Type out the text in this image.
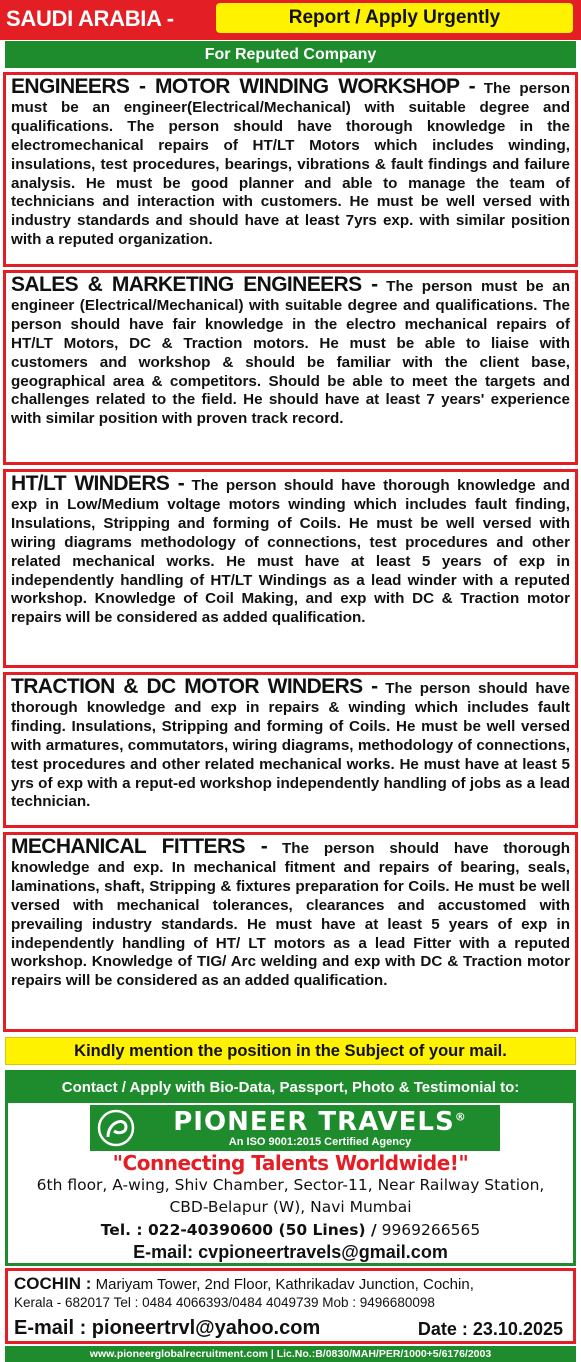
SAUDI ARABIA -	Report / Apply Urgently
For Reputed Company
ENGINEERS - MOTOR WINDING WORKSHOP - The person must be an engineer(Electrical/Mechanical) with suitable degree and qualifications. The person should have thorough knowledge in the electromechanical repairs of HT/LT Motors which includes winding, insulations, test procedures, bearings, vibrations & fault findings and failure analysis. He must be good planner and able to manage the team of technicians and interaction with customers. He must be well versed with industry standards and should have at least 7yrs exp. with similar position with a reputed organization.
SALES & MARKETING ENGINEERS - The person must be an engineer (Electrical/Mechanical) with suitable degree and qualifications. The person should have fair knowledge in the electro mechanical repairs of HT/LT Motors, DC & Traction motors. He must be able to liaise with customers and workshop & should be familiar with the client base, geographical area & competitors. Should be able to meet the targets and challenges related to the field. He should have at least 7 years' experience with similar position with proven track record.
HT/LT WINDERS - The person should have thorough knowledge and exp in Low/Medium voltage motors winding which includes fault finding, Insulations, Stripping and forming of Coils. He must be well versed with wiring diagrams methodology of connections, test procedures and other related mechanical works. He must have at least 5 years of exp in independently handling of HT/LT Windings as a lead winder with a reputed workshop. Knowledge of Coil Making, and exp with DC & Traction motor repairs will be considered as added qualification.
TRACTION & DC MOTOR WINDERS - The person should have thorough knowledge and exp in repairs & winding which includes fault finding. Insulations, Stripping and forming of Coils. He must be well versed with armatures, commutators, wiring diagrams, methodology of connections, test procedures and other related mechanical works. He must have at least 5 yrs of exp with a reput-ed workshop independently handling of jobs as a lead technician.
MECHANICAL FITTERS - The person should have thorough knowledge and exp. In mechanical fitment and repairs of bearing, seals, laminations, shaft, Stripping & fixtures preparation for Coils. He must be well versed with mechanical tolerances, clearances and accustomed with prevailing industry standards. He must have at least 5 years of exp in independently handling of HT/ LT motors as a lead Fitter with a reputed workshop. Knowledge of TIG/ Arc welding and exp with DC & Traction motor repairs will be considered as an added qualification.
Kindly mention the position in the Subject of your mail.
Contact / Apply with Bio-Data, Passport, Photo & Testimonial to:
PIONEER TRAVELS®
An ISO 9001:2015 Certified Agency
"Connecting Talents Worldwide!"
6th floor, A-wing, Shiv Chamber, Sector-11, Near Railway Station,
CBD-Belapur (W), Navi Mumbai
Tel. : 022-40390600 (50 Lines) / 9969266565
E-mail: cvpioneertravels@gmail.com
COCHIN : Mariyam Tower, 2nd Floor, Kathrikadav Junction, Cochin,
Kerala - 682017 Tel : 0484 4066393/0484 4049739 Mob : 9496680098
E-mail : pioneertrvl@yahoo.com	Date : 23.10.2025
www.pioneerglobalrecruitment.com | Lic.No.:B/0830/MAH/PER/1000+5/6176/2003
